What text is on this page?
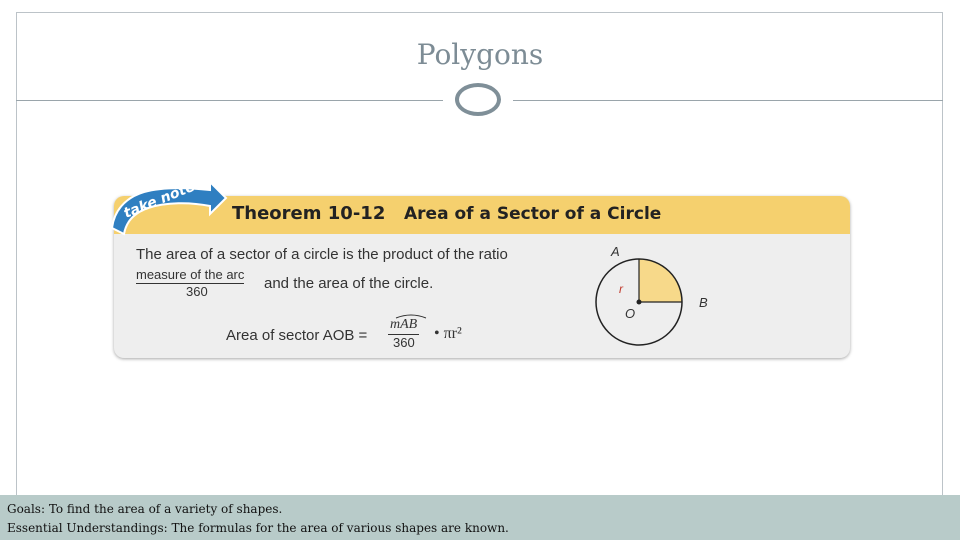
Polygons
Theorem 10-12 Area of a Sector of a Circle
The area of a sector of a circle is the product of the ratio
measure of the arc
360	and the area of the circle.
Area of sector AOB =
mAB
360
• πr²
A
B
O
r
take note
Goals: To find the area of a variety of shapes.
Essential Understandings: The formulas for the area of various shapes are known.
